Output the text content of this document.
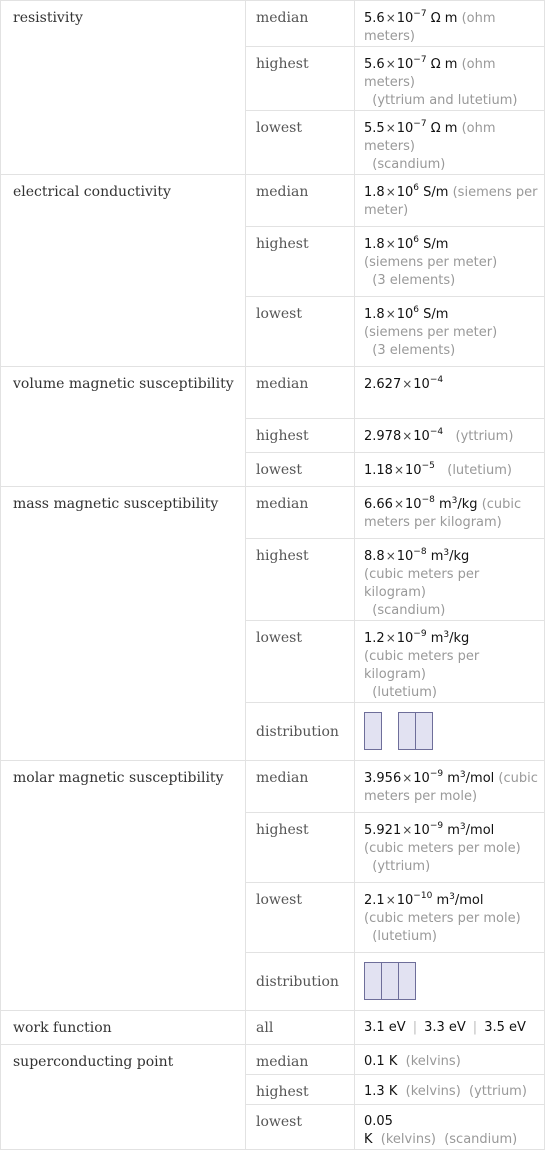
resistivity	median	$5.6\times 10^{-7}$ Ω m (ohm meters)
	highest	$5.6\times 10^{-7}$ Ω m (ohm meters)
(yttrium and lutetium)
	lowest	$5.5\times 10^{-7}$ Ω m (ohm meters)
(scandium)
electrical conductivity	median	$1.8\times 10^6$ S/m (siemens per meter)
	highest	$1.8\times 10^6$ S/m
(siemens per meter)
(3 elements)
	lowest	$1.8\times 10^6$ S/m
(siemens per meter)
(3 elements)
volume magnetic susceptibility	median	$2.627\times 10^{-4}$
	highest	$2.978\times 10^{-4}$ (yttrium)
	lowest	$1.18\times 10^{-5}$ (lutetium)
mass magnetic susceptibility	median	$6.66\times 10^{-8}$ $m^3/kg$ (cubic meters per kilogram)
	highest	$8.8\times 10^{-8}$ $m^3/kg$
(cubic meters per kilogram)
(scandium)
	lowest	$1.2\times 10^{-9}$ $m^3/kg$
(cubic meters per kilogram)
(lutetium)
	distribution	

molar magnetic susceptibility	median	$3.956\times 10^{-9}$ $m^3$/mol (cubic meters per mole)
	highest	$5.921\times 10^{-9}$ $m^3$/mol
(cubic meters per mole)
(yttrium)
	lowest	$2.1\times 10^{-10}$ $m^3$/mol
(cubic meters per mole)
(lutetium)
	distribution	

work function	all	3.1 eV | 3.3 eV | 3.5 eV
superconducting point	median	0.1 K (kelvins)
	highest	1.3 K (kelvins) (yttrium)
	lowest	0.05 K (kelvins) (scandium)
